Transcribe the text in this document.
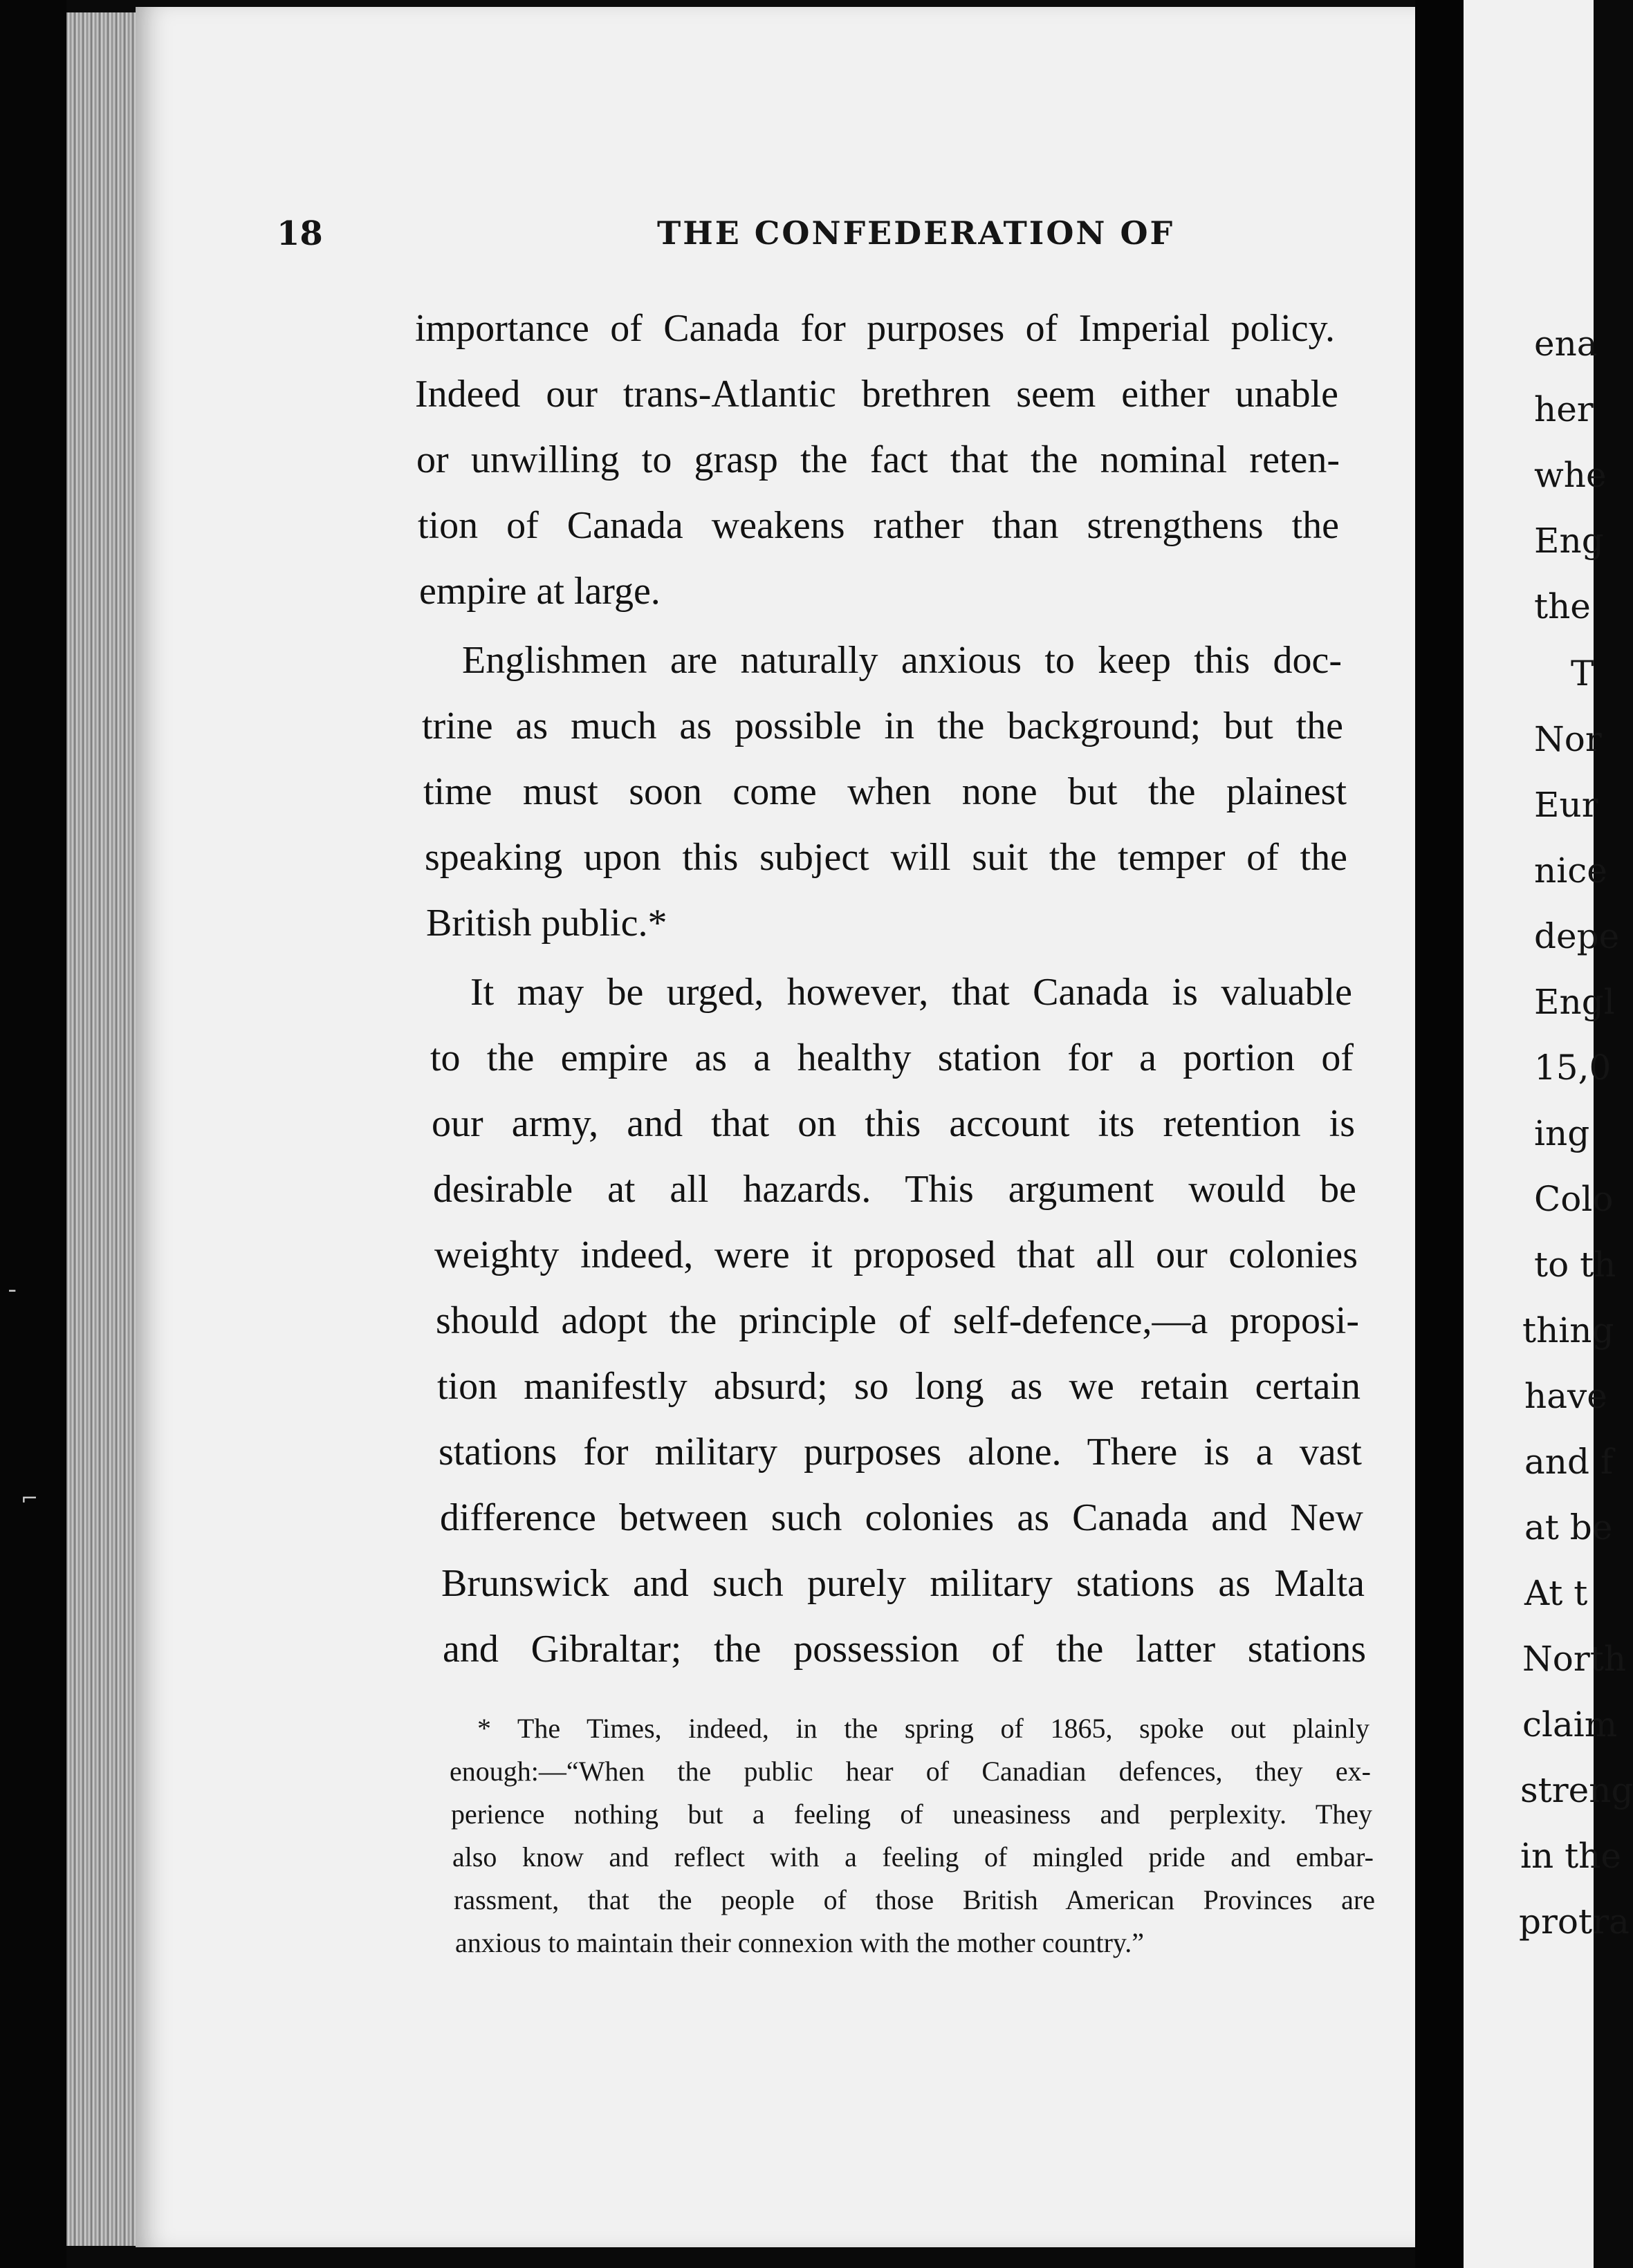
╶
⌐
18	THE CONFEDERATION OF

importance of Canada for purposes of Imperial policy.

Indeed our trans-Atlantic brethren seem either unable

or unwilling to grasp the fact that the nominal reten-

tion of Canada weakens rather than strengthens the

empire at large.

Englishmen are naturally anxious to keep this doc-

trine as much as possible in the background; but the

time must soon come when none but the plainest

speaking upon this subject will suit the temper of the

British public.*

It may be urged, however, that Canada is valuable

to the empire as a healthy station for a portion of

our army, and that on this account its retention is

desirable at all hazards. This argument would be

weighty indeed, were it proposed that all our colonies

should adopt the principle of self-defence,—a proposi-

tion manifestly absurd; so long as we retain certain

stations for military purposes alone. There is a vast

difference between such colonies as Canada and New

Brunswick and such purely military stations as Malta

and Gibraltar; the possession of the latter stations

* The Times, indeed, in the spring of 1865, spoke out plainly

enough:—“When the public hear of Canadian defences, they ex-

perience nothing but a feeling of uneasiness and perplexity. They

also know and reflect with a feeling of mingled pride and embar-

rassment, that the people of those British American Provinces are

anxious to maintain their connexion with the mother country.”

ena

her

whe

Eng

the

T

Nor

Eur

nice

depe

Engl

15,0

ing

Colo

to th

thing

have

and f

at be

At t

North

claim

streng

in the

protra
